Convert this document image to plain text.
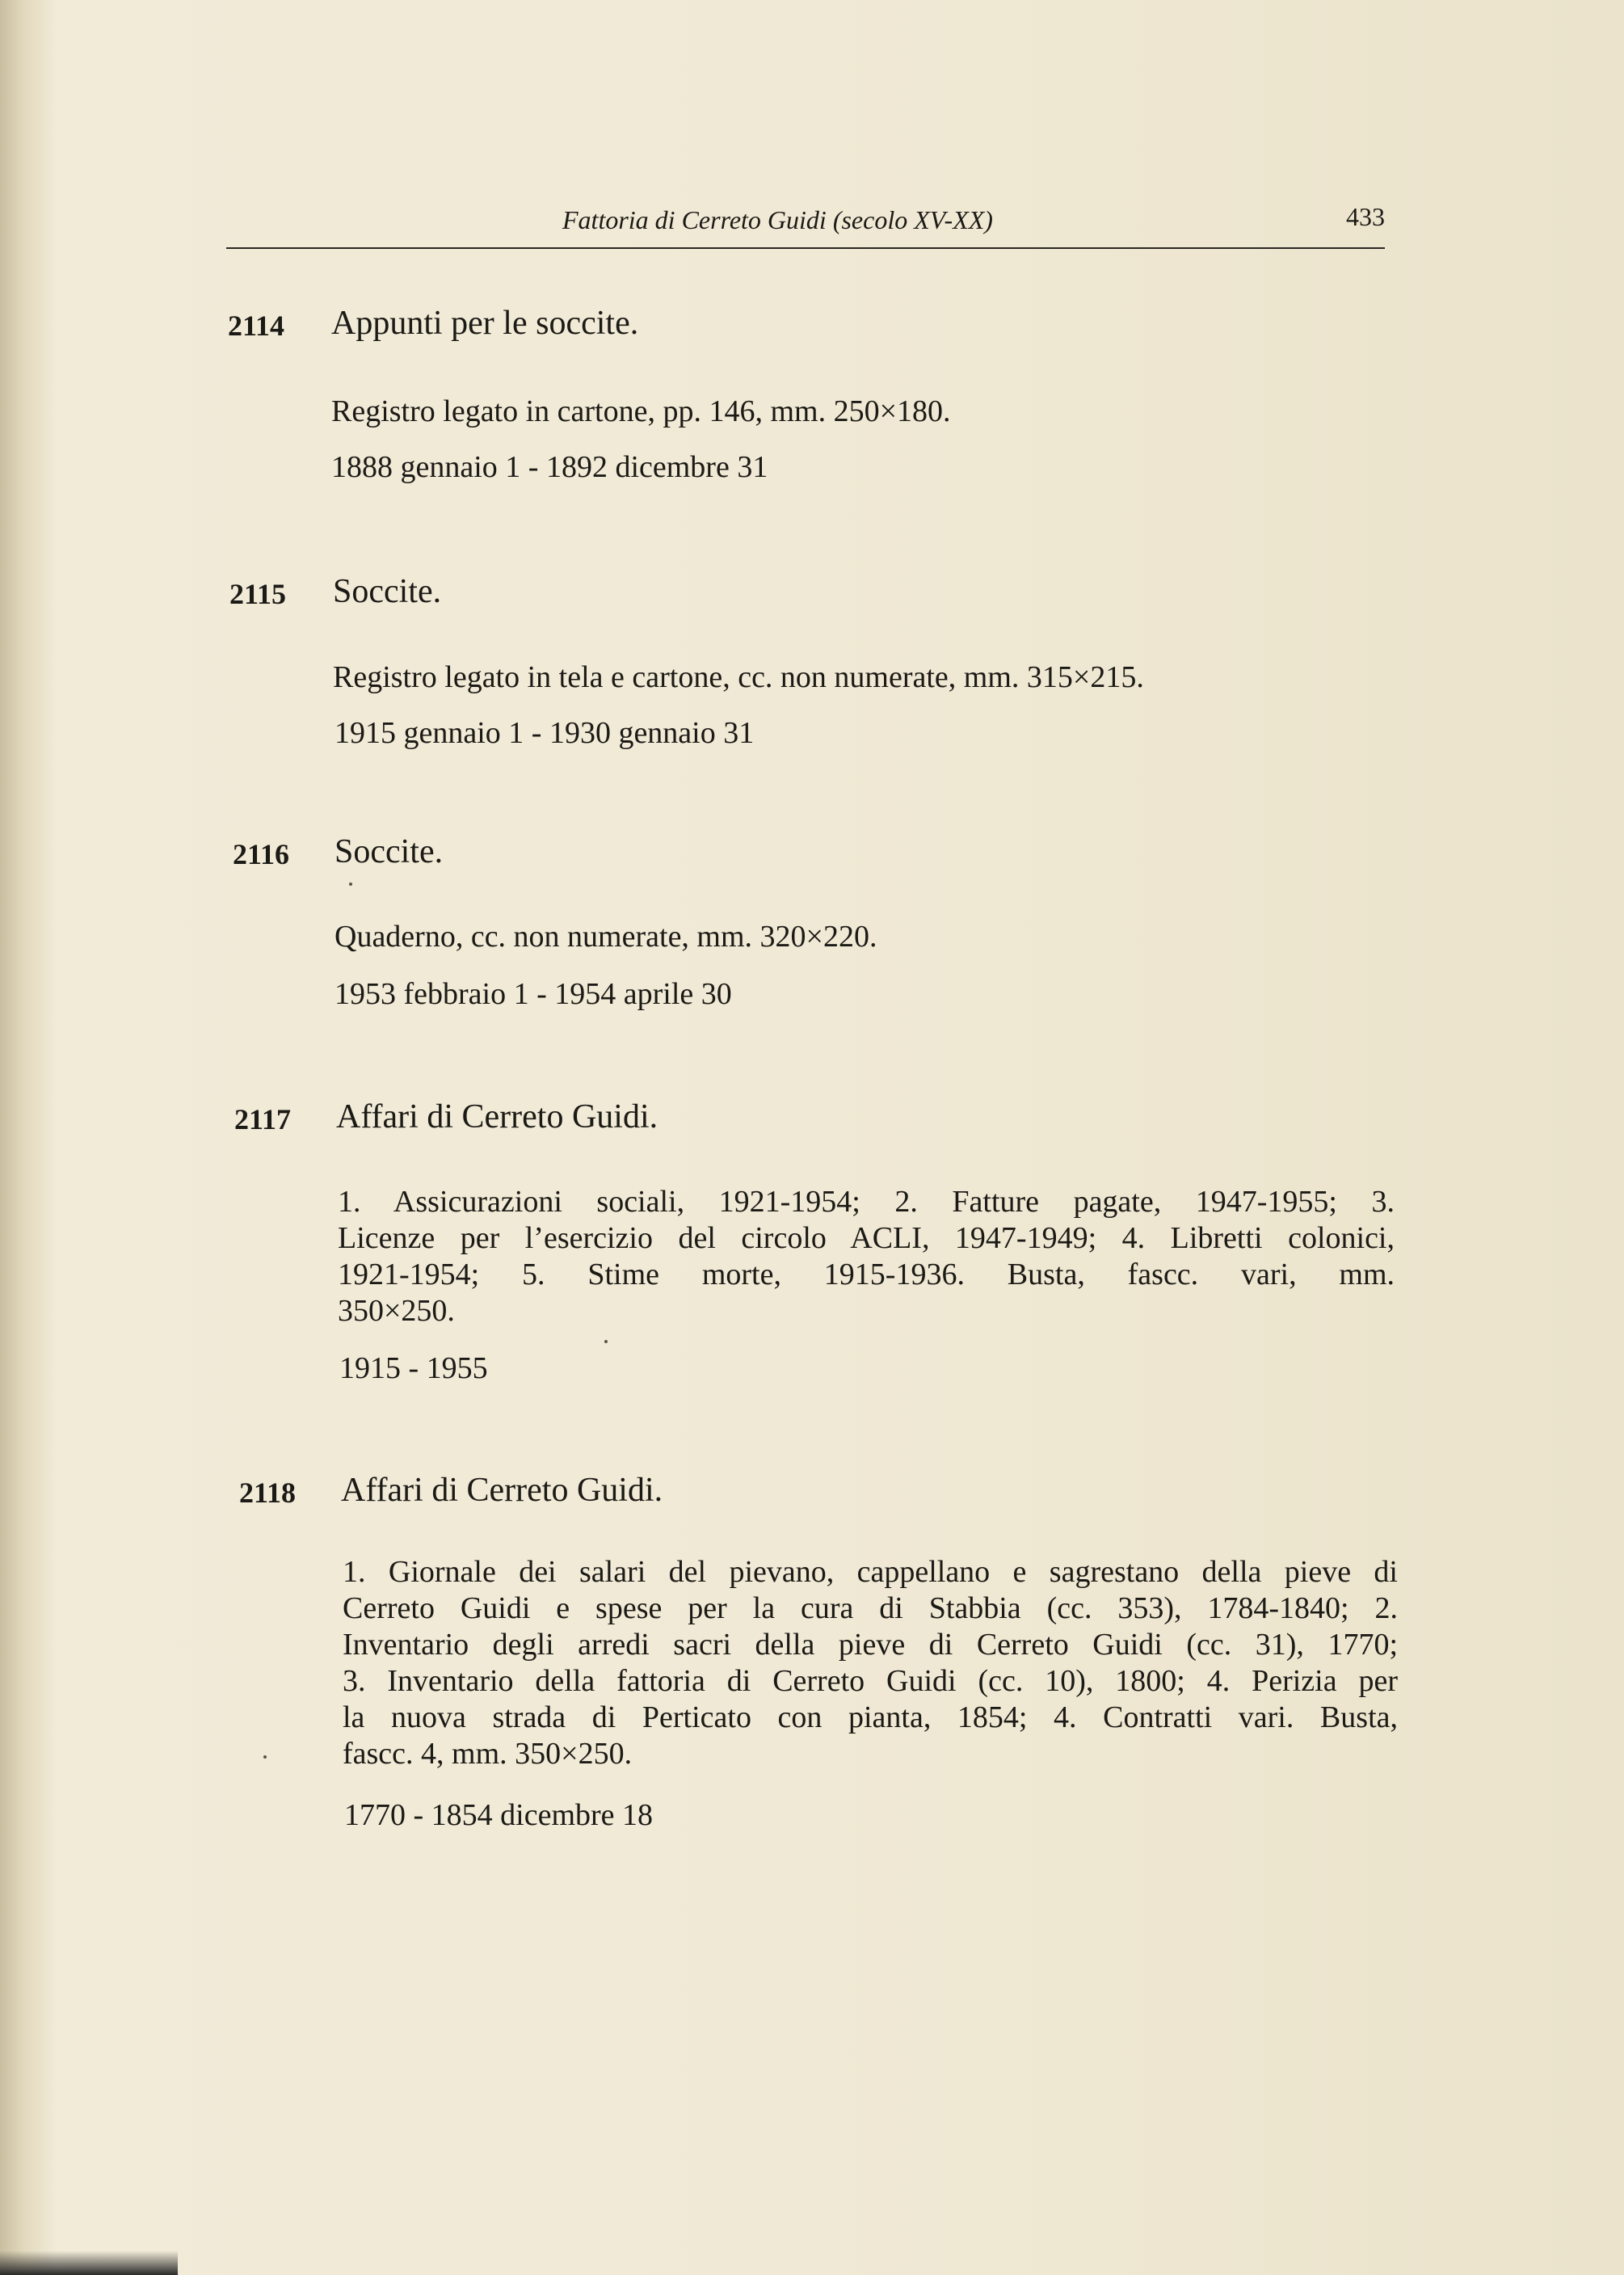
Fattoria di Cerreto Guidi (secolo XV-XX)	433
2114 Appunti per le soccite.
Registro legato in cartone, pp. 146, mm. 250×180.
1888 gennaio 1 - 1892 dicembre 31
2115 Soccite.
Registro legato in tela e cartone, cc. non numerate, mm. 315×215.
1915 gennaio 1 - 1930 gennaio 31
2116 Soccite.
Quaderno, cc. non numerate, mm. 320×220.
1953 febbraio 1 - 1954 aprile 30
2117 Affari di Cerreto Guidi.
1. Assicurazioni sociali, 1921-1954; 2. Fatture pagate, 1947-1955; 3.
Licenze per l’esercizio del circolo ACLI, 1947-1949; 4. Libretti colonici,
1921-1954; 5. Stime morte, 1915-1936. Busta, fascc. vari, mm.
350×250.
1915 - 1955
2118 Affari di Cerreto Guidi.
1. Giornale dei salari del pievano, cappellano e sagrestano della pieve di
Cerreto Guidi e spese per la cura di Stabbia (cc. 353), 1784-1840; 2.
Inventario degli arredi sacri della pieve di Cerreto Guidi (cc. 31), 1770;
3. Inventario della fattoria di Cerreto Guidi (cc. 10), 1800; 4. Perizia per
la nuova strada di Perticato con pianta, 1854; 4. Contratti vari. Busta,
fascc. 4, mm. 350×250.
1770 - 1854 dicembre 18
